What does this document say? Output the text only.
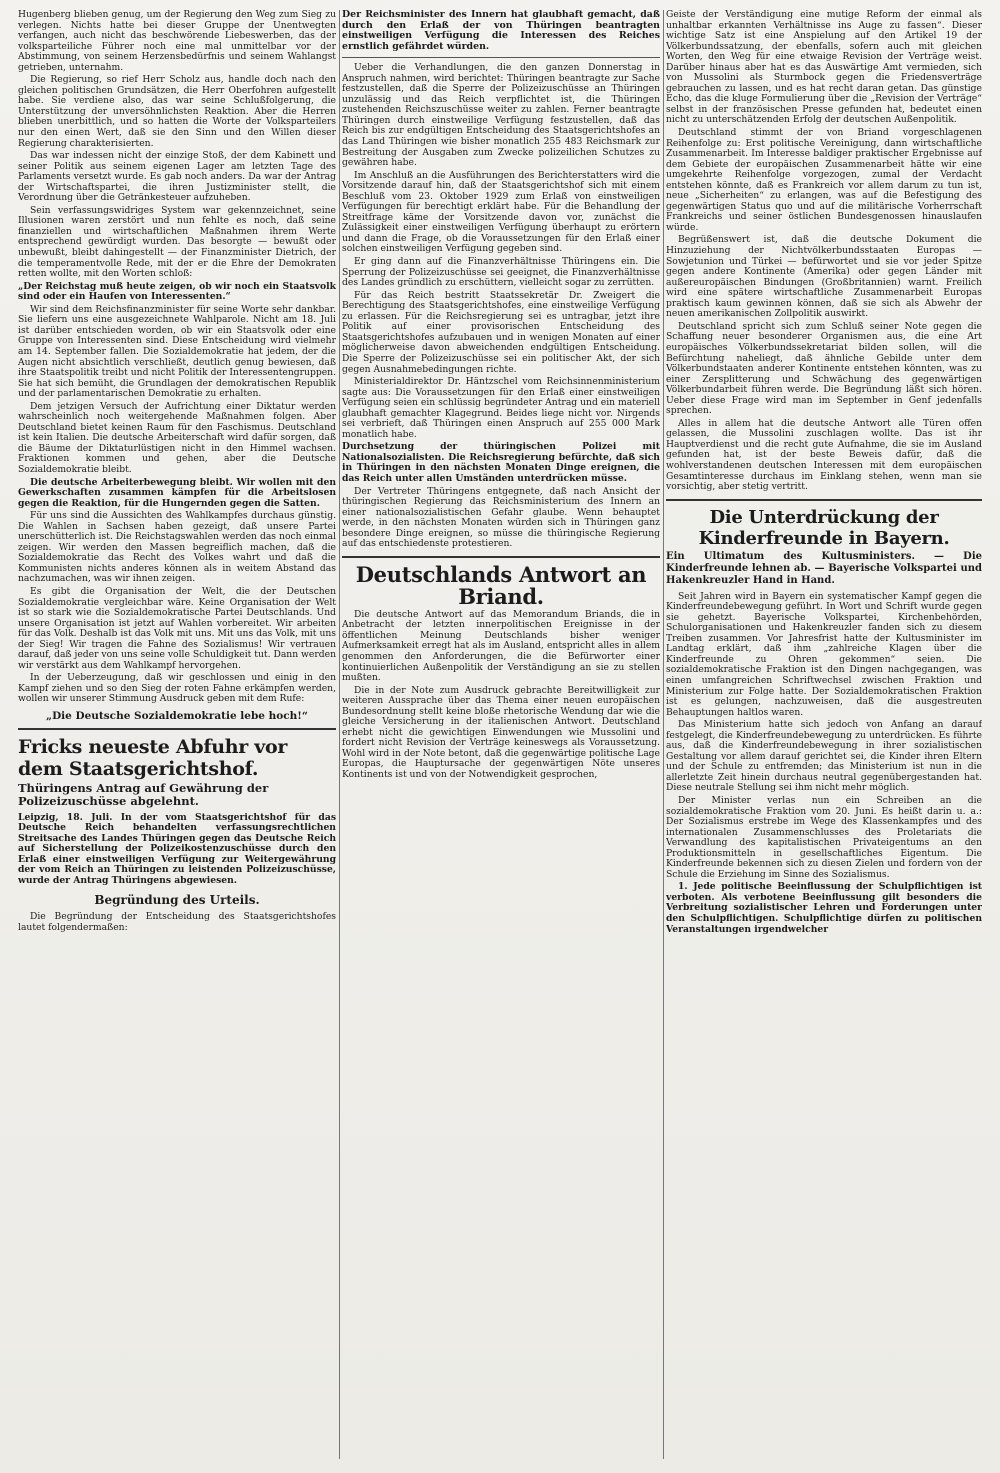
Hugenberg blieben genug, um der Regierung den Weg zum Sieg zu verlegen. Nichts hatte bei dieser Gruppe der Unentwegten verfangen, auch nicht das beschwörende Liebeswerben, das der volksparteiliche Führer noch eine mal unmittelbar vor der Abstimmung, von seinem Herzensbedürfnis und seinem Wahlangst getrieben, unternahm.

Die Regierung, so rief Herr Scholz aus, handle doch nach den gleichen politischen Grundsätzen, die Herr Oberfohren aufgestellt habe. Sie verdiene also, das war seine Schlußfolgerung, die Unterstützung der unversöhnlichsten Reaktion. Aber die Herren blieben unerbittlich, und so hatten die Worte der Volksparteilers nur den einen Wert, daß sie den Sinn und den Willen dieser Regierung charakterisierten.

Das war indessen nicht der einzige Stoß, der dem Kabinett und seiner Politik aus seinem eigenen Lager am letzten Tage des Parlaments versetzt wurde. Es gab noch anders. Da war der Antrag der Wirtschaftspartei, die ihren Justizminister stellt, die Verordnung über die Getränkesteuer aufzuheben.

Sein verfassungswidriges System war gekennzeichnet, seine Illusionen waren zerstört und nun fehlte es noch, daß seine finanziellen und wirtschaftlichen Maßnahmen ihrem Werte entsprechend gewürdigt wurden. Das besorgte — bewußt oder unbewußt, bleibt dahingestellt — der Finanzminister Dietrich, der die temperamentvolle Rede, mit der er die Ehre der Demokraten retten wollte, mit den Worten schloß:

„Der Reichstag muß heute zeigen, ob wir noch ein Staatsvolk sind oder ein Haufen von Interessenten.“

Wir sind dem Reichsfinanzminister für seine Worte sehr dankbar. Sie liefern uns eine ausgezeichnete Wahlparole. Nicht am 18. Juli ist darüber entschieden worden, ob wir ein Staatsvolk oder eine Gruppe von Interessenten sind. Diese Entscheidung wird vielmehr am 14. September fallen. Die Sozialdemokratie hat jedem, der die Augen nicht absichtlich verschließt, deutlich genug bewiesen, daß ihre Staatspolitik treibt und nicht Politik der Interessentengruppen. Sie hat sich bemüht, die Grundlagen der demokratischen Republik und der parlamentarischen Demokratie zu erhalten.

Dem jetzigen Versuch der Aufrichtung einer Diktatur werden wahrscheinlich noch weitergehende Maßnahmen folgen. Aber Deutschland bietet keinen Raum für den Faschismus. Deutschland ist kein Italien. Die deutsche Arbeiterschaft wird dafür sorgen, daß die Bäume der Diktaturlüstigen nicht in den Himmel wachsen. Fraktionen kommen und gehen, aber die Deutsche Sozialdemokratie bleibt.

Die deutsche Arbeiterbewegung bleibt. Wir wollen mit den Gewerkschaften zusammen kämpfen für die Arbeitslosen gegen die Reaktion, für die Hungernden gegen die Satten.

Für uns sind die Aussichten des Wahlkampfes durchaus günstig. Die Wahlen in Sachsen haben gezeigt, daß unsere Partei unerschütterlich ist. Die Reichstagswahlen werden das noch einmal zeigen. Wir werden den Massen begreiflich machen, daß die Sozialdemokratie das Recht des Volkes wahrt und daß die Kommunisten nichts anderes können als in weitem Abstand das nachzumachen, was wir ihnen zeigen.

Es gibt die Organisation der Welt, die der Deutschen Sozialdemokratie vergleichbar wäre. Keine Organisation der Welt ist so stark wie die Sozialdemokratische Partei Deutschlands. Und unsere Organisation ist jetzt auf Wahlen vorbereitet. Wir arbeiten für das Volk. Deshalb ist das Volk mit uns. Mit uns das Volk, mit uns der Sieg! Wir tragen die Fahne des Sozialismus! Wir vertrauen darauf, daß jeder von uns seine volle Schuldigkeit tut. Dann werden wir verstärkt aus dem Wahlkampf hervorgehen.

In der Ueberzeugung, daß wir geschlossen und einig in den Kampf ziehen und so den Sieg der roten Fahne erkämpfen werden, wollen wir unserer Stimmung Ausdruck geben mit dem Rufe:

„Die Deutsche Sozialdemokratie lebe hoch!“

Fricks neueste Abfuhr vor dem Staatsgerichtshof.
Thüringens Antrag auf Gewährung der Polizeizuschüsse abgelehnt.

Leipzig, 18. Juli. In der vom Staatsgerichtshof für das Deutsche Reich behandelten verfassungsrechtlichen Streitsache des Landes Thüringen gegen das Deutsche Reich auf Sicherstellung der Polizeikostenzuschüsse durch den Erlaß einer einstweiligen Verfügung zur Weitergewährung der vom Reich an Thüringen zu leistenden Polizeizuschüsse, wurde der Antrag Thüringens abgewiesen.

Begründung des Urteils.

Die Begründung der Entscheidung des Staatsgerichtshofes lautet folgendermaßen:

Der Reichsminister des Innern hat glaubhaft gemacht, daß durch den Erlaß der von Thüringen beantragten einstweiligen Verfügung die Interessen des Reiches ernstlich gefährdet würden.

Ueber die Verhandlungen, die den ganzen Donnerstag in Anspruch nahmen, wird berichtet: Thüringen beantragte zur Sache festzustellen, daß die Sperre der Polizeizuschüsse an Thüringen unzulässig und das Reich verpflichtet ist, die Thüringen zustehenden Reichszuschüsse weiter zu zahlen. Ferner beantragte Thüringen durch einstweilige Verfügung festzustellen, daß das Reich bis zur endgültigen Entscheidung des Staatsgerichtshofes an das Land Thüringen wie bisher monatlich 255 483 Reichsmark zur Bestreitung der Ausgaben zum Zwecke polizeilichen Schutzes zu gewähren habe.

Im Anschluß an die Ausführungen des Berichterstatters wird die Vorsitzende darauf hin, daß der Staatsgerichtshof sich mit einem Beschluß vom 23. Oktober 1929 zum Erlaß von einstweiligen Verfügungen für berechtigt erklärt habe. Für die Behandlung der Streitfrage käme der Vorsitzende davon vor, zunächst die Zulässigkeit einer einstweiligen Verfügung überhaupt zu erörtern und dann die Frage, ob die Voraussetzungen für den Erlaß einer solchen einstweiligen Verfügung gegeben sind.

Er ging dann auf die Finanzverhältnisse Thüringens ein. Die Sperrung der Polizeizuschüsse sei geeignet, die Finanzverhältnisse des Landes gründlich zu erschüttern, vielleicht sogar zu zerrütten.

Für das Reich bestritt Staatssekretär Dr. Zweigert die Berechtigung des Staatsgerichtshofes, eine einstweilige Verfügung zu erlassen. Für die Reichsregierung sei es untragbar, jetzt ihre Politik auf einer provisorischen Entscheidung des Staatsgerichtshofes aufzubauen und in wenigen Monaten auf einer möglicherweise davon abweichenden endgültigen Entscheidung. Die Sperre der Polizeizuschüsse sei ein politischer Akt, der sich gegen Ausnahmebedingungen richte.

Ministerialdirektor Dr. Häntzschel vom Reichsinnenministerium sagte aus: Die Voraussetzungen für den Erlaß einer einstweiligen Verfügung seien ein schlüssig begründeter Antrag und ein materiell glaubhaft gemachter Klagegrund. Beides liege nicht vor. Nirgends sei verbrieft, daß Thüringen einen Anspruch auf 255 000 Mark monatlich habe.

Durchsetzung der thüringischen Polizei mit Nationalsozialisten. Die Reichsregierung befürchte, daß sich in Thüringen in den nächsten Monaten Dinge ereignen, die das Reich unter allen Umständen unterdrücken müsse.

Der Vertreter Thüringens entgegnete, daß nach Ansicht der thüringischen Regierung das Reichsministerium des Innern an einer nationalsozialistischen Gefahr glaube. Wenn behauptet werde, in den nächsten Monaten würden sich in Thüringen ganz besondere Dinge ereignen, so müsse die thüringische Regierung auf das entschiedenste protestieren.

Deutschlands Antwort an Briand.

Die deutsche Antwort auf das Memorandum Briands, die in Anbetracht der letzten innerpolitischen Ereignisse in der öffentlichen Meinung Deutschlands bisher weniger Aufmerksamkeit erregt hat als im Ausland, entspricht alles in allem genommen den Anforderungen, die die Befürworter einer kontinuierlichen Außenpolitik der Verständigung an sie zu stellen mußten.

Die in der Note zum Ausdruck gebrachte Bereitwilligkeit zur weiteren Aussprache über das Thema einer neuen europäischen Bundesordnung stellt keine bloße rhetorische Wendung dar wie die gleiche Versicherung in der italienischen Antwort. Deutschland erhebt nicht die gewichtigen Einwendungen wie Mussolini und fordert nicht Revision der Verträge keineswegs als Voraussetzung. Wohl wird in der Note betont, daß die gegenwärtige politische Lage Europas, die Hauptursache der gegenwärtigen Nöte unseres Kontinents ist und von der Notwendigkeit gesprochen,

Geiste der Verständigung eine mutige Reform der einmal als unhaltbar erkannten Verhältnisse ins Auge zu fassen“. Dieser wichtige Satz ist eine Anspielung auf den Artikel 19 der Völkerbundssatzung, der ebenfalls, sofern auch mit gleichen Worten, den Weg für eine etwaige Revision der Verträge weist. Darüber hinaus aber hat es das Auswärtige Amt vermieden, sich von Mussolini als Sturmbock gegen die Friedensverträge gebrauchen zu lassen, und es hat recht daran getan. Das günstige Echo, das die kluge Formulierung über die „Revision der Verträge“ selbst in der französischen Presse gefunden hat, bedeutet einen nicht zu unterschätzenden Erfolg der deutschen Außenpolitik.

Deutschland stimmt der von Briand vorgeschlagenen Reihenfolge zu: Erst politische Vereinigung, dann wirtschaftliche Zusammenarbeit. Im Interesse baldiger praktischer Ergebnisse auf dem Gebiete der europäischen Zusammenarbeit hätte wir eine umgekehrte Reihenfolge vorgezogen, zumal der Verdacht entstehen könnte, daß es Frankreich vor allem darum zu tun ist, neue „Sicherheiten“ zu erlangen, was auf die Befestigung des gegenwärtigen Status quo und auf die militärische Vorherrschaft Frankreichs und seiner östlichen Bundesgenossen hinauslaufen würde.

Begrüßenswert ist, daß die deutsche Dokument die Hinzuziehung der Nichtvölkerbundsstaaten Europas — Sowjetunion und Türkei — befürwortet und sie vor jeder Spitze gegen andere Kontinente (Amerika) oder gegen Länder mit außereuropäischen Bindungen (Großbritannien) warnt. Freilich wird eine spätere wirtschaftliche Zusammenarbeit Europas praktisch kaum gewinnen können, daß sie sich als Abwehr der neuen amerikanischen Zollpolitik auswirkt.

Deutschland spricht sich zum Schluß seiner Note gegen die Schaffung neuer besonderer Organismen aus, die eine Art europäisches Völkerbundssekretariat bilden sollen, will die Befürchtung naheliegt, daß ähnliche Gebilde unter dem Völkerbundstaaten anderer Kontinente entstehen könnten, was zu einer Zersplitterung und Schwächung des gegenwärtigen Völkerbundarbeit führen werde. Die Begründung läßt sich hören. Ueber diese Frage wird man im September in Genf jedenfalls sprechen.

Alles in allem hat die deutsche Antwort alle Türen offen gelassen, die Mussolini zuschlagen wollte. Das ist ihr Hauptverdienst und die recht gute Aufnahme, die sie im Ausland gefunden hat, ist der beste Beweis dafür, daß die wohlverstandenen deutschen Interessen mit dem europäischen Gesamtinteresse durchaus im Einklang stehen, wenn man sie vorsichtig, aber stetig vertritt.

Die Unterdrückung der Kinderfreunde in Bayern.

Ein Ultimatum des Kultusministers. — Die Kinderfreunde lehnen ab. — Bayerische Volkspartei und Hakenkreuzler Hand in Hand.

Seit Jahren wird in Bayern ein systematischer Kampf gegen die Kinderfreundebewegung geführt. In Wort und Schrift wurde gegen sie gehetzt. Bayerische Volkspartei, Kirchenbehörden, Schulorganisationen und Hakenkreuzler fanden sich zu diesem Treiben zusammen. Vor Jahresfrist hatte der Kultusminister im Landtag erklärt, daß ihm „zahlreiche Klagen über die Kinderfreunde zu Ohren gekommen“ seien. Die sozialdemokratische Fraktion ist den Dingen nachgegangen, was einen umfangreichen Schriftwechsel zwischen Fraktion und Ministerium zur Folge hatte. Der Sozialdemokratischen Fraktion ist es gelungen, nachzuweisen, daß die ausgestreuten Behauptungen haltlos waren.

Das Ministerium hatte sich jedoch von Anfang an darauf festgelegt, die Kinderfreundebewegung zu unterdrücken. Es führte aus, daß die Kinderfreundebewegung in ihrer sozialistischen Gestaltung vor allem darauf gerichtet sei, die Kinder ihren Eltern und der Schule zu entfremden; das Ministerium ist nun in die allerletzte Zeit hinein durchaus neutral gegenübergestanden hat. Diese neutrale Stellung sei ihm nicht mehr möglich.

Der Minister verlas nun ein Schreiben an die sozialdemokratische Fraktion vom 20. Juni. Es heißt darin u. a.: Der Sozialismus erstrebe im Wege des Klassenkampfes und des internationalen Zusammenschlusses des Proletariats die Verwandlung des kapitalistischen Privateigentums an den Produktionsmitteln in gesellschaftliches Eigentum. Die Kinderfreunde bekennen sich zu diesen Zielen und fordern von der Schule die Erziehung im Sinne des Sozialismus.

1. Jede politische Beeinflussung der Schulpflichtigen ist verboten. Als verbotene Beeinflussung gilt besonders die Verbreitung sozialistischer Lehren und Forderungen unter den Schulpflichtigen. Schulpflichtige dürfen zu politischen Veranstaltungen irgendwelcher
